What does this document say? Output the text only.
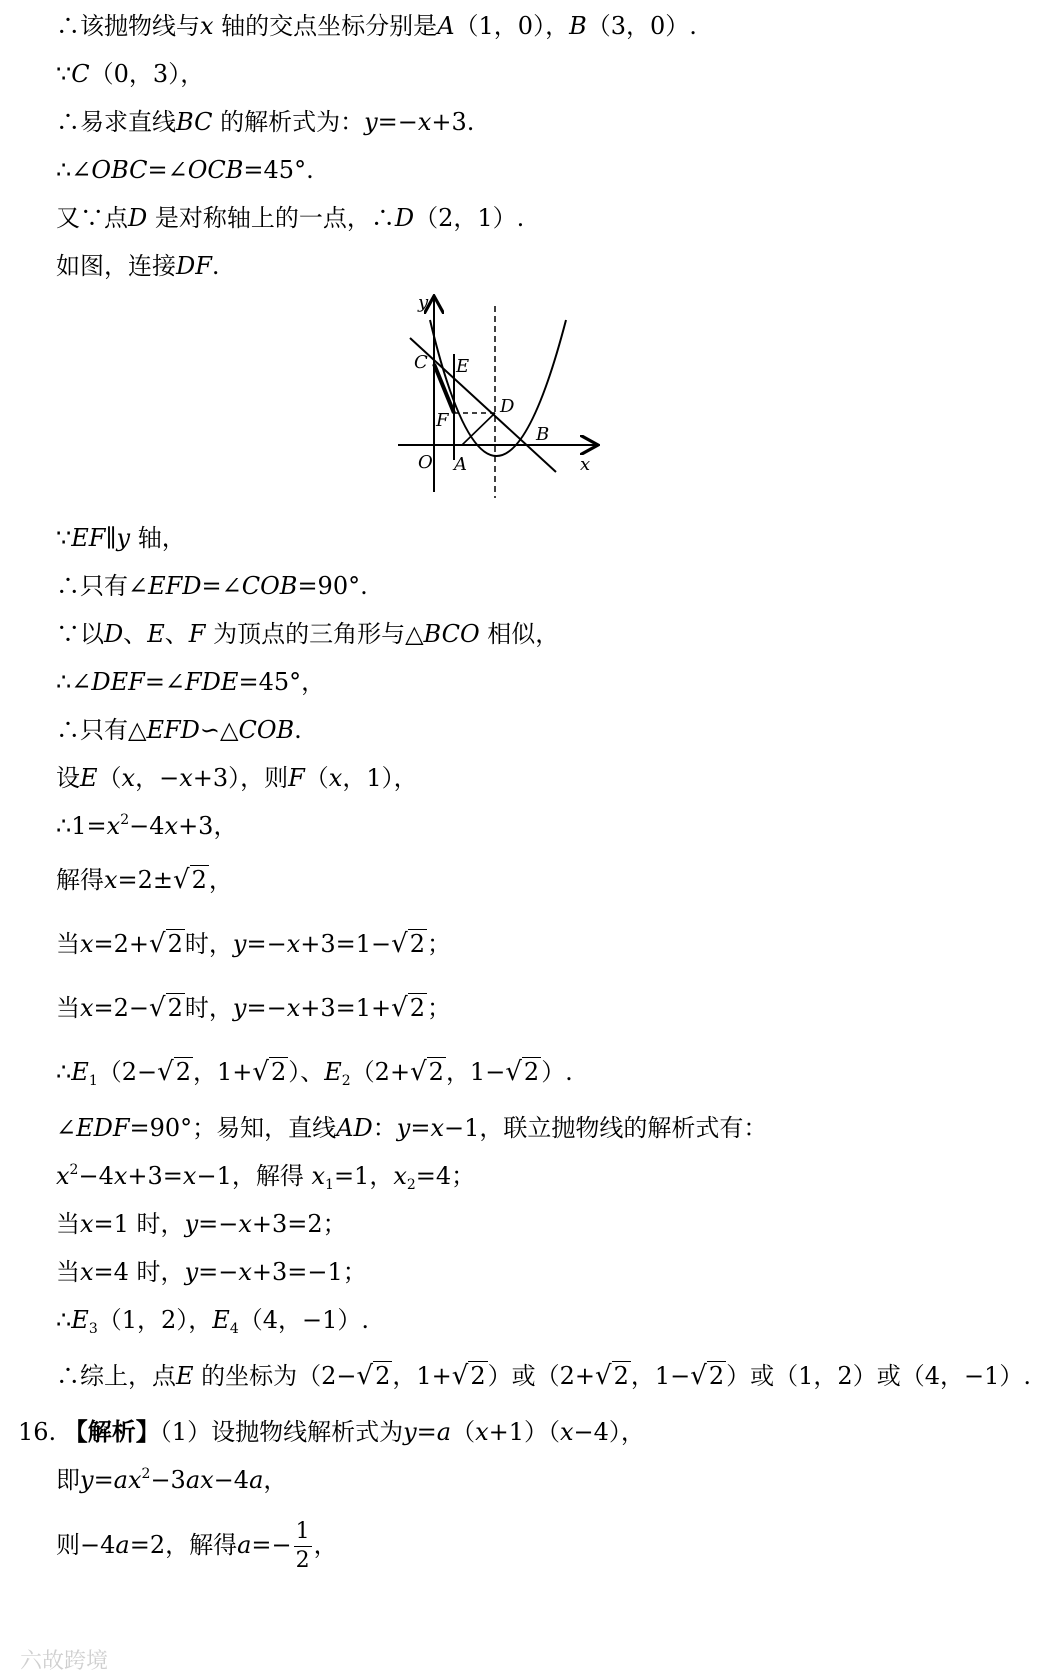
∴该抛物线与x 轴的交点坐标分别是A（1，0），B（3，0）.
∵C（0，3），
∴易求直线BC 的解析式为：y=−x+3.
∴∠OBC=∠OCB=45°.
又∵点D 是对称轴上的一点，∴D（2，1）.
如图，连接DF.
y
x
O A
B
C
D
E
F
∵EF∥y 轴，
∴只有∠EFD=∠COB=90°.
∵以D、E、F 为顶点的三角形与△BCO 相似，
∴∠DEF=∠FDE=45°，
∴只有△EFD∽△COB.
设E（x，−x+3），则F（x，1），
$\therefore 1=x^2-4x+3$，
解得x=2±√2，
当x=2+√2时，y=−x+3=1−√2；
当x=2−√2时，y=−x+3=1+√2；
$\therefore E_1(2-√2$，1+√2）、$E_2(2+√2$，1−√2）.
∠EDF=90°；易知，直线AD：y=x−1，联立抛物线的解析式有：
$x^2-4x+3=x-1$，解得 $x_1=1$，$x_2=4$；
当x=1 时，y=−x+3=2；
当x=4 时，y=−x+3=−1；
$\therefore E_3(1$，2），$E_4(4$，−1）.
∴综上，点E 的坐标为（2−√2，1+√2）或（2+√2，1−√2）或（1，2）或（4，−1）.
16. 【解析】（1）设抛物线解析式为y=a（x+1）（x−4），
即$y=ax^2-3ax-4a$，
则−4a=2，解得$a=- \frac{1}{2}$ ，
六故跨境
